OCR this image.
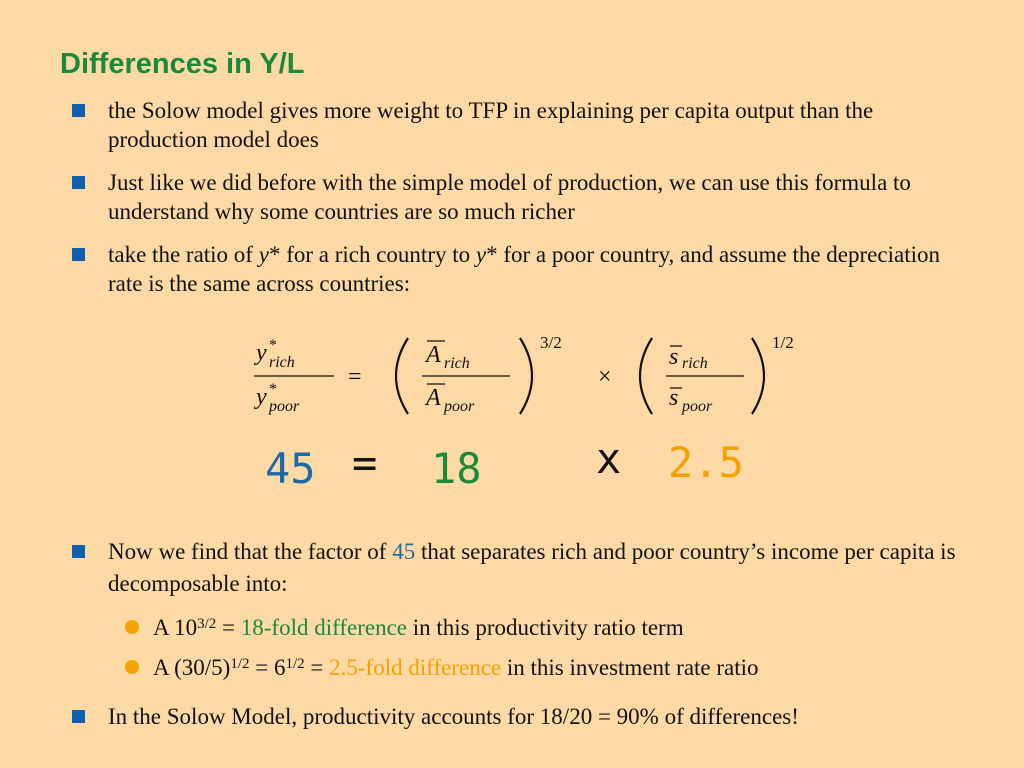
Differences in Y/L
the Solow model gives more weight to TFP in explaining per capita output than the production model does
Just like we did before with the simple model of production, we can use this formula to understand why some countries are so much richer
take the ratio of y* for a rich country to y* for a poor country, and assume the depreciation rate is the same across countries:
y *
rich
y *
poor
=
A rich
A poor
3/2
×
s rich
s poor
1/2
45 = 18	x 2.5
Now we find that the factor of 45 that separates rich and poor country’s income per capita is decomposable into:
A $10^{3/2}$ = 18-fold difference in this productivity ratio term
A $(30/5)^{1/2} = 6^{1/2}$ = 2.5-fold difference in this investment rate ratio
In the Solow Model, productivity accounts for 18/20 = 90% of differences!
